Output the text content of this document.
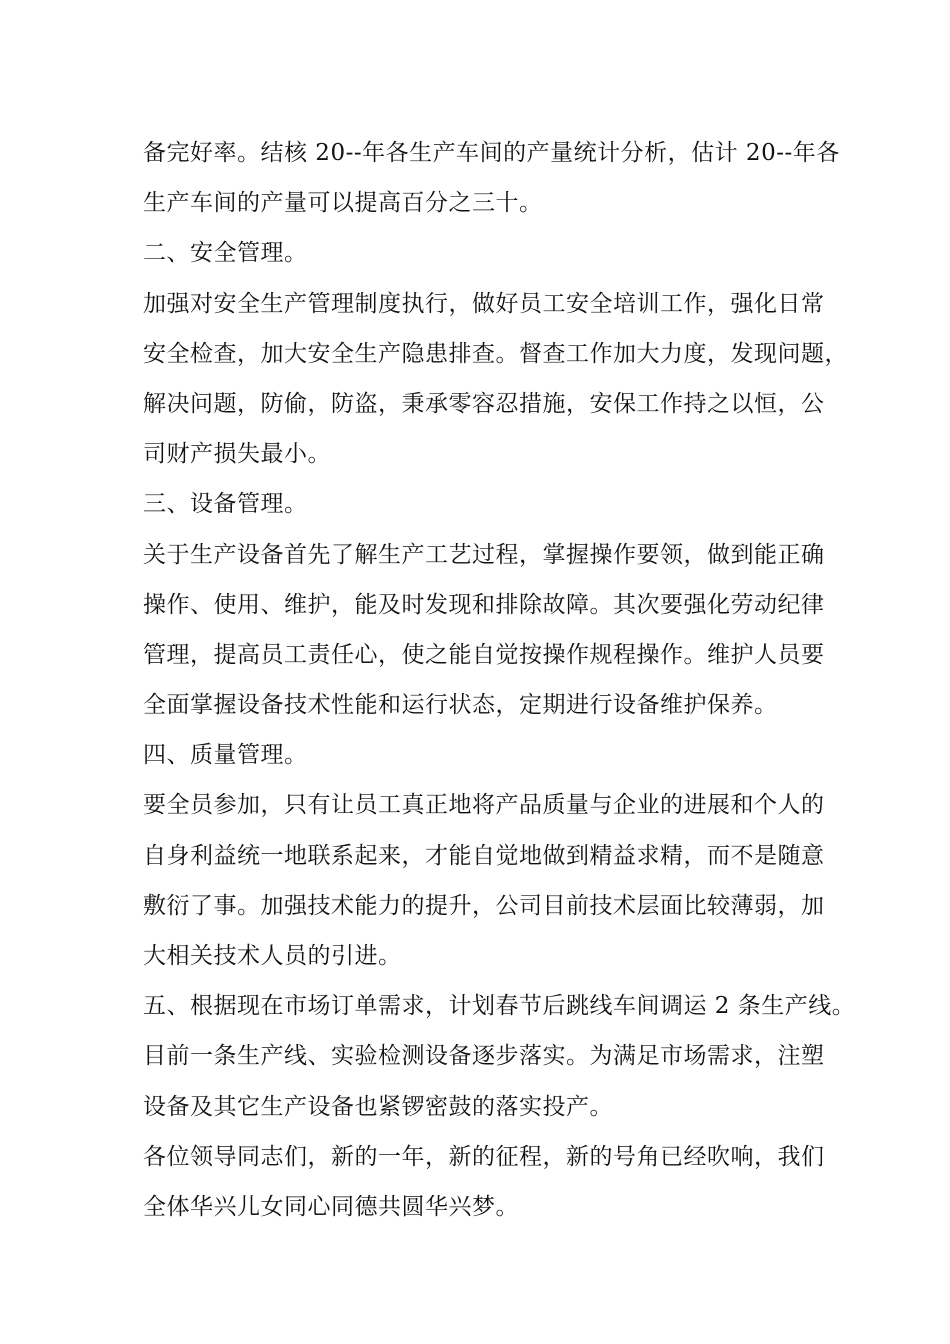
备完好率。结核 20--年各生产车间的产量统计分析，估计 20--年各
生产车间的产量可以提高百分之三十。
二、安全管理。
加强对安全生产管理制度执行，做好员工安全培训工作，强化日常
安全检查，加大安全生产隐患排查。督查工作加大力度，发现问题，
解决问题，防偷，防盗，秉承零容忍措施，安保工作持之以恒，公
司财产损失最小。
三、设备管理。
关于生产设备首先了解生产工艺过程，掌握操作要领，做到能正确
操作、使用、维护，能及时发现和排除故障。其次要强化劳动纪律
管理，提高员工责任心，使之能自觉按操作规程操作。维护人员要
全面掌握设备技术性能和运行状态，定期进行设备维护保养。
四、质量管理。
要全员参加，只有让员工真正地将产品质量与企业的进展和个人的
自身利益统一地联系起来，才能自觉地做到精益求精，而不是随意
敷衍了事。加强技术能力的提升，公司目前技术层面比较薄弱，加
大相关技术人员的引进。
五、根据现在市场订单需求，计划春节后跳线车间调运 2 条生产线。
目前一条生产线、实验检测设备逐步落实。为满足市场需求，注塑
设备及其它生产设备也紧锣密鼓的落实投产。
各位领导同志们，新的一年，新的征程，新的号角已经吹响，我们
全体华兴儿女同心同德共圆华兴梦。
